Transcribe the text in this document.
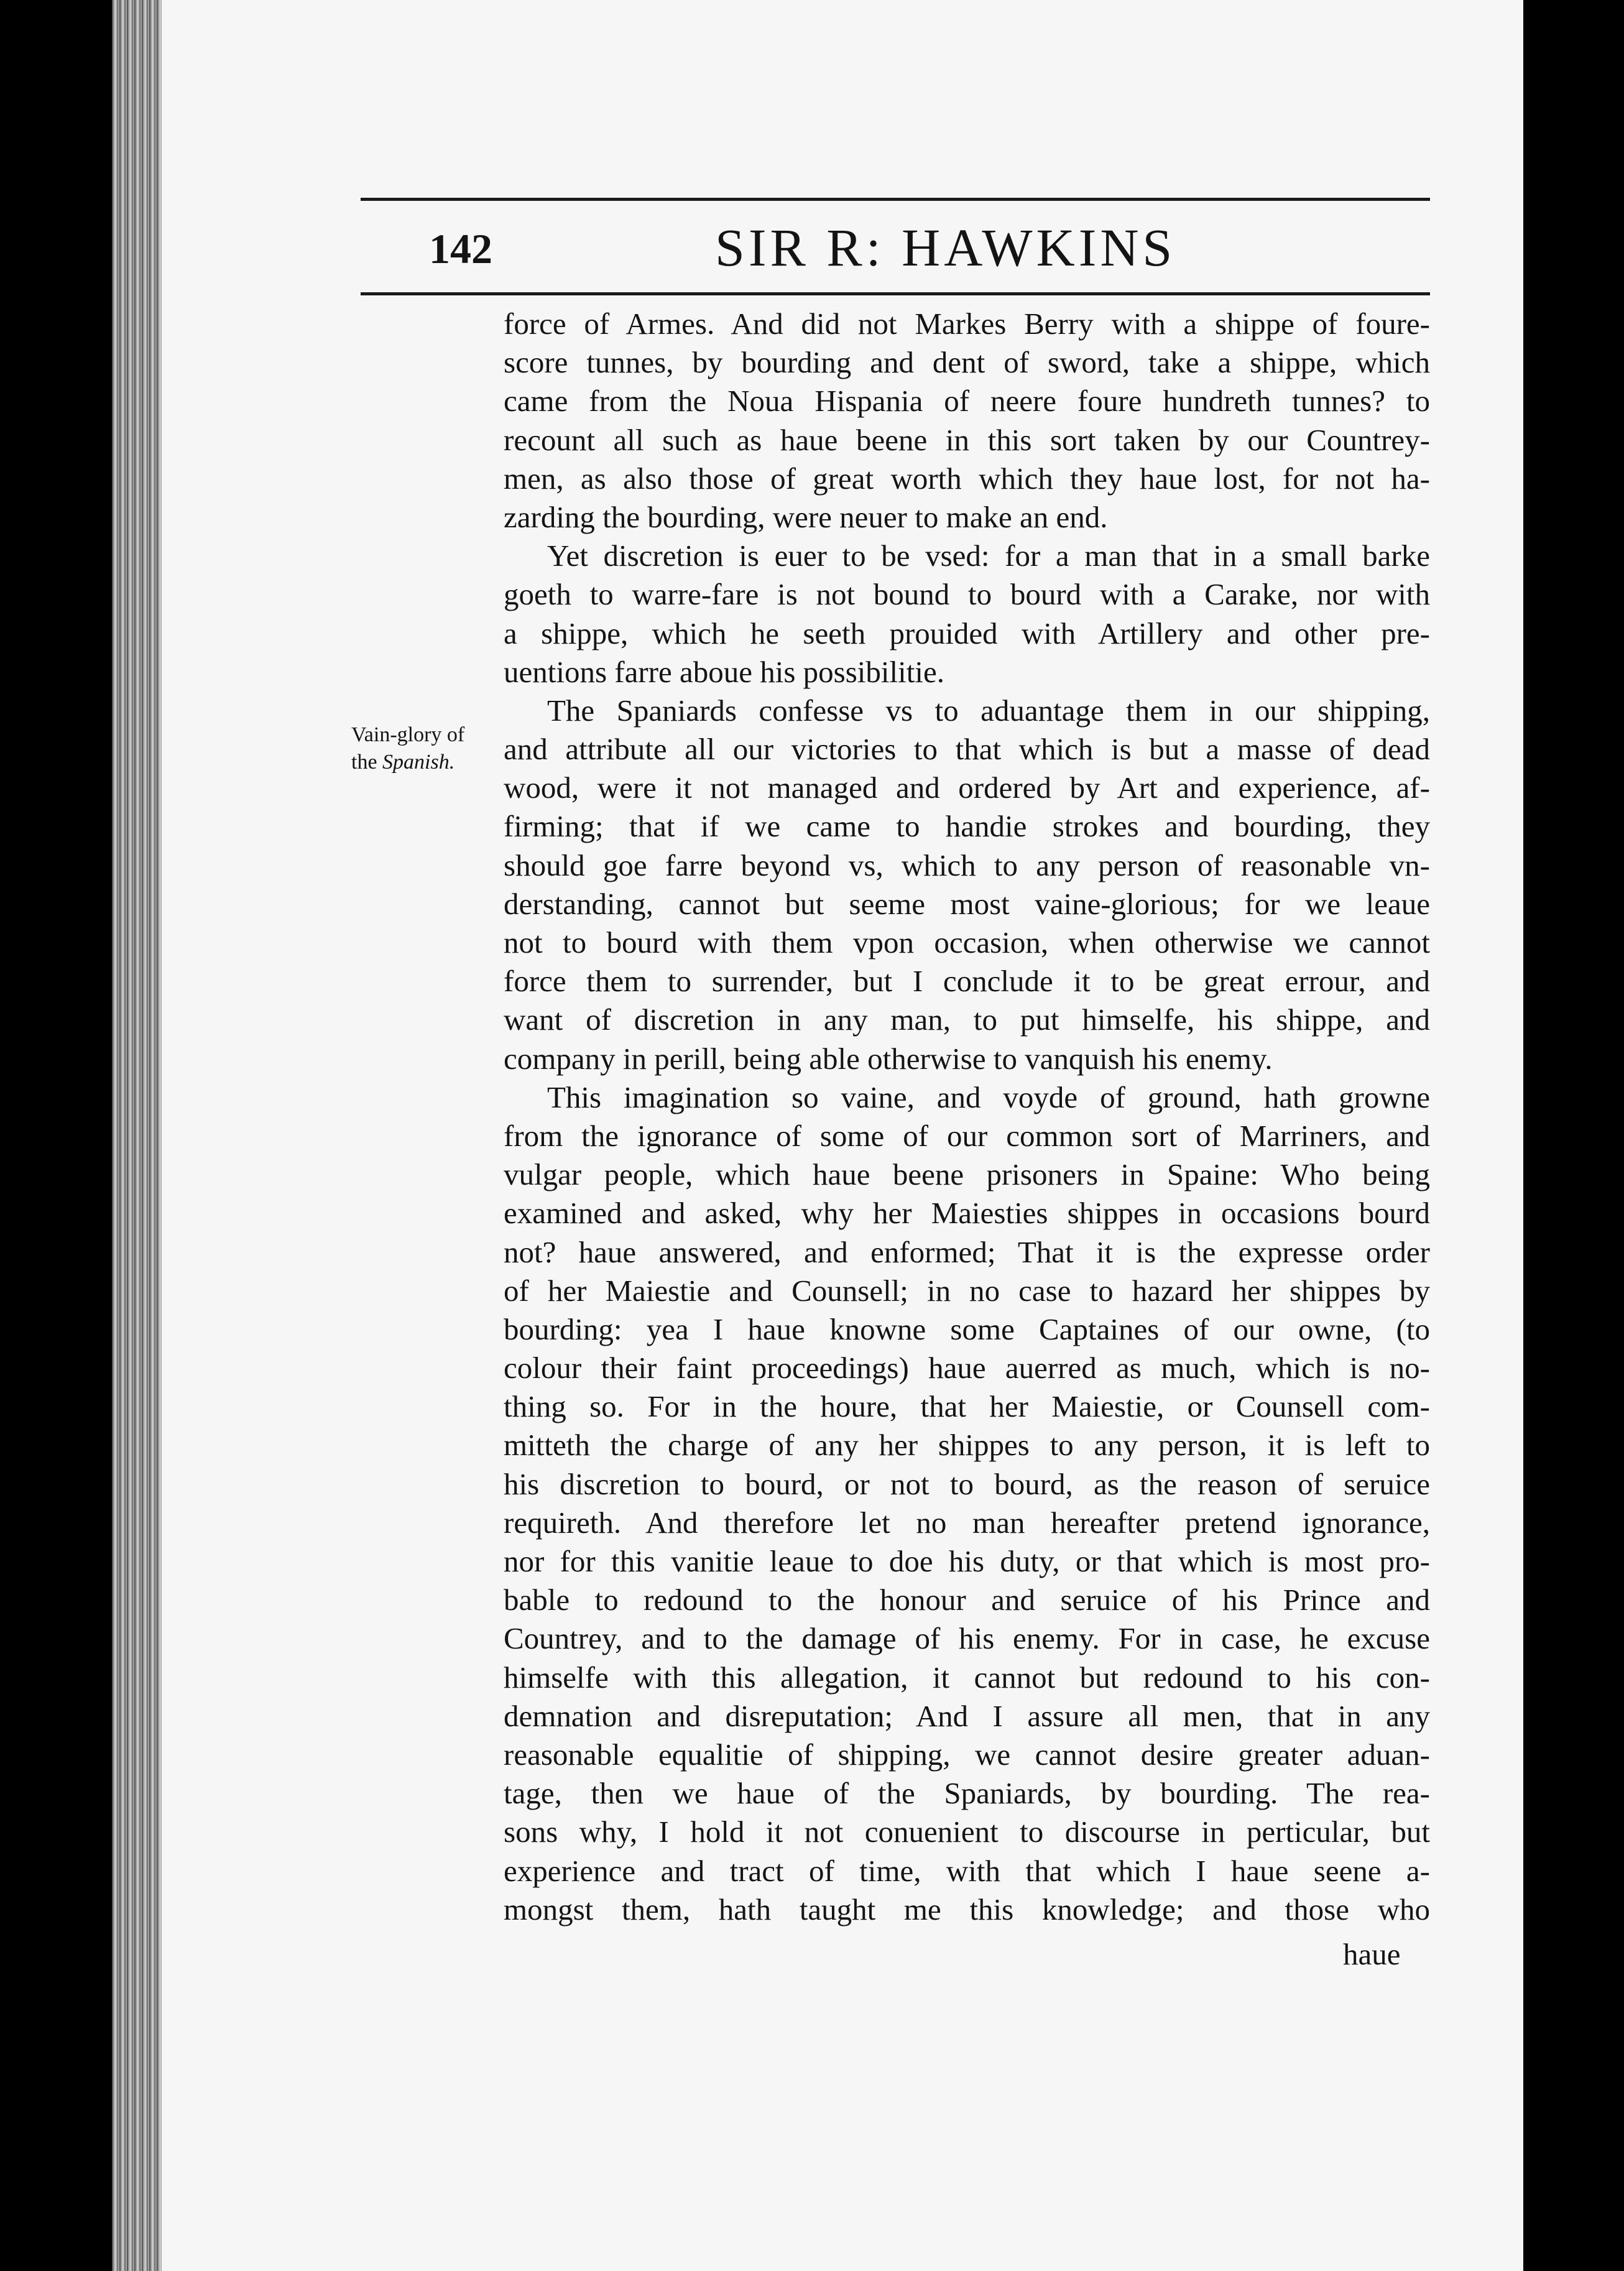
142	SIR R: HAWKINS
Vain-glory of
the Spanish.
force of Armes. And did not Markes Berry with a shippe of foure-
score tunnes, by bourding and dent of sword, take a shippe, which
came from the Noua Hispania of neere foure hundreth tunnes? to
recount all such as haue beene in this sort taken by our Countrey-
men, as also those of great worth which they haue lost, for not ha-
zarding the bourding, were neuer to make an end.
Yet discretion is euer to be vsed: for a man that in a small barke
goeth to warre-fare is not bound to bourd with a Carake, nor with
a shippe, which he seeth prouided with Artillery and other pre-
uentions farre aboue his possibilitie.
The Spaniards confesse vs to aduantage them in our shipping,
and attribute all our victories to that which is but a masse of dead
wood, were it not managed and ordered by Art and experience, af-
firming; that if we came to handie strokes and bourding, they
should goe farre beyond vs, which to any person of reasonable vn-
derstanding, cannot but seeme most vaine-glorious; for we leaue
not to bourd with them vpon occasion, when otherwise we cannot
force them to surrender, but I conclude it to be great errour, and
want of discretion in any man, to put himselfe, his shippe, and
company in perill, being able otherwise to vanquish his enemy.
This imagination so vaine, and voyde of ground, hath growne
from the ignorance of some of our common sort of Marriners, and
vulgar people, which haue beene prisoners in Spaine: Who being
examined and asked, why her Maiesties shippes in occasions bourd
not? haue answered, and enformed; That it is the expresse order
of her Maiestie and Counsell; in no case to hazard her shippes by
bourding: yea I haue knowne some Captaines of our owne, (to
colour their faint proceedings) haue auerred as much, which is no-
thing so. For in the houre, that her Maiestie, or Counsell com-
mitteth the charge of any her shippes to any person, it is left to
his discretion to bourd, or not to bourd, as the reason of seruice
requireth. And therefore let no man hereafter pretend ignorance,
nor for this vanitie leaue to doe his duty, or that which is most pro-
bable to redound to the honour and seruice of his Prince and
Countrey, and to the damage of his enemy. For in case, he excuse
himselfe with this allegation, it cannot but redound to his con-
demnation and disreputation; And I assure all men, that in any
reasonable equalitie of shipping, we cannot desire greater aduan-
tage, then we haue of the Spaniards, by bourding. The rea-
sons why, I hold it not conuenient to discourse in perticular, but
experience and tract of time, with that which I haue seene a-
mongst them, hath taught me this knowledge; and those who
haue
